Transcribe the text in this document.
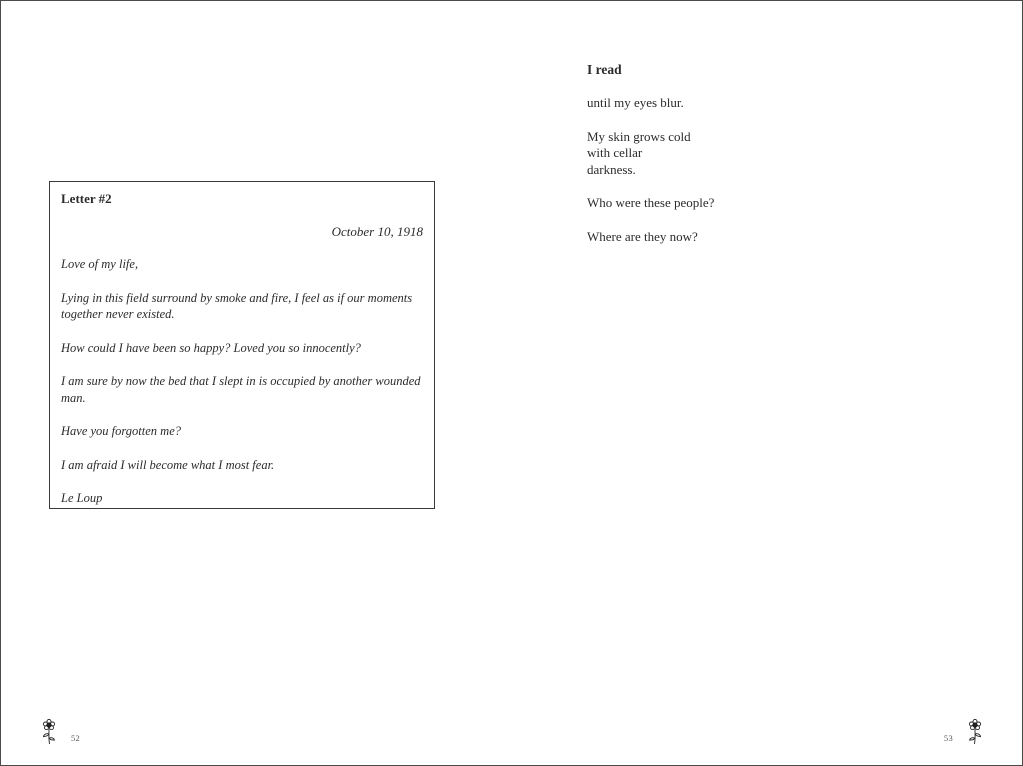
Letter #2
October 10, 1918
Love of my life,
Lying in this field surround by smoke and fire, I feel as if our moments together never existed.
How could I have been so happy? Loved you so innocently?
I am sure by now the bed that I slept in is occupied by another wounded man.
Have you forgotten me?
I am afraid I will become what I most fear.
Le Loup
52
I read
until my eyes blur.
My skin grows cold
with cellar
darkness.
Who were these people?
Where are they now?
53
